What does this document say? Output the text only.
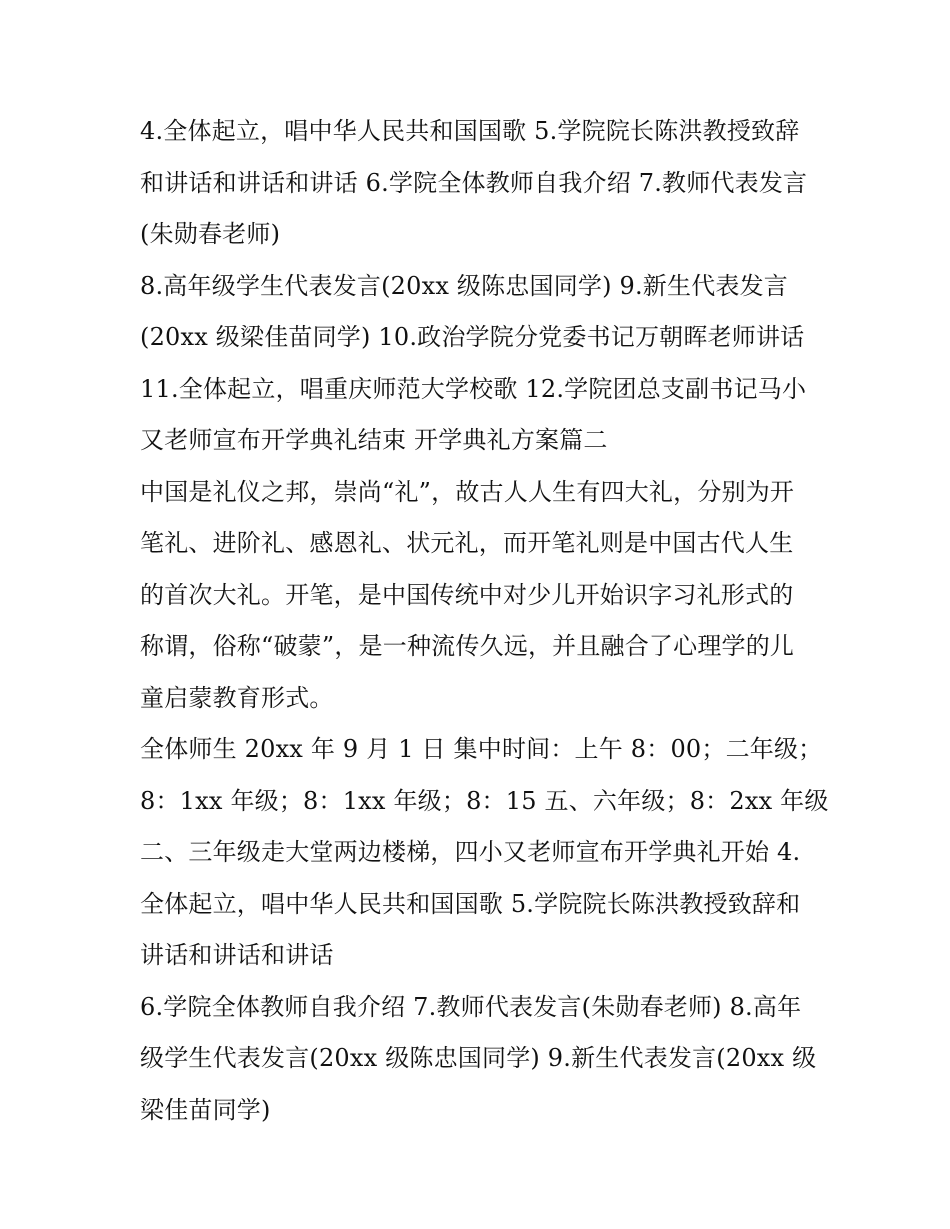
4.全体起立，唱中华人民共和国国歌 5.学院院长陈洪教授致辞
和讲话和讲话和讲话 6.学院全体教师自我介绍 7.教师代表发言
(朱勋春老师)
8.高年级学生代表发言(20xx 级陈忠国同学) 9.新生代表发言
(20xx 级梁佳苗同学) 10.政治学院分党委书记万朝晖老师讲话
11.全体起立，唱重庆师范大学校歌 12.学院团总支副书记马小
又老师宣布开学典礼结束 开学典礼方案篇二
中国是礼仪之邦，崇尚“礼”，故古人人生有四大礼，分别为开
笔礼、进阶礼、感恩礼、状元礼，而开笔礼则是中国古代人生
的首次大礼。开笔，是中国传统中对少儿开始识字习礼形式的
称谓，俗称“破蒙”，是一种流传久远，并且融合了心理学的儿
童启蒙教育形式。
全体师生 20xx 年 9 月 1 日 集中时间：上午 8：00；二年级；
8：1xx 年级；8：1xx 年级；8：15 五、六年级；8：2xx 年级
二、三年级走大堂两边楼梯，四小又老师宣布开学典礼开始 4.
全体起立，唱中华人民共和国国歌 5.学院院长陈洪教授致辞和
讲话和讲话和讲话
6.学院全体教师自我介绍 7.教师代表发言(朱勋春老师) 8.高年
级学生代表发言(20xx 级陈忠国同学) 9.新生代表发言(20xx 级
梁佳苗同学)
